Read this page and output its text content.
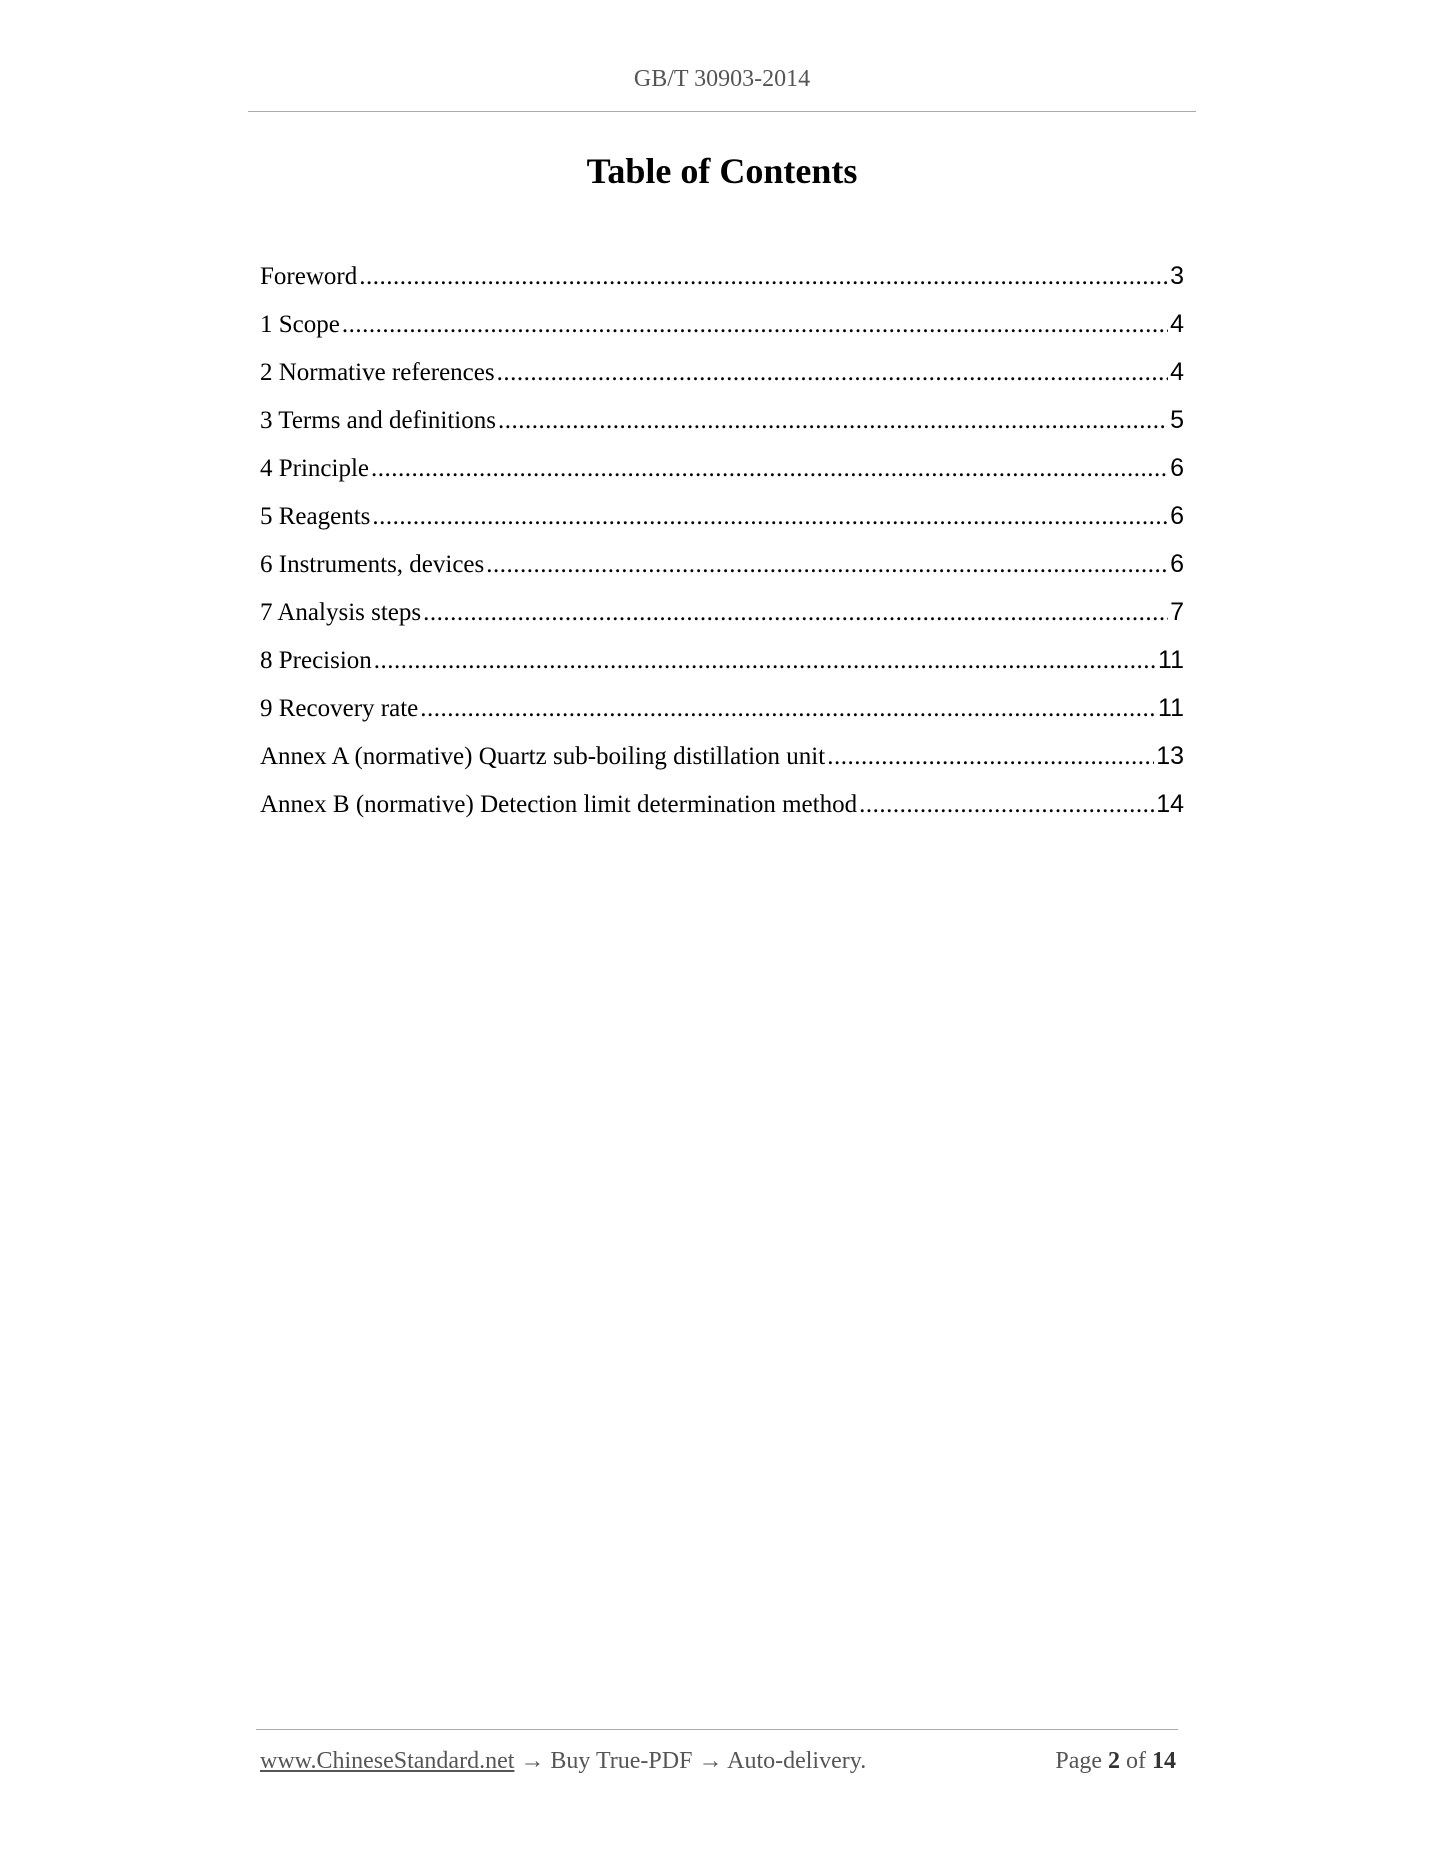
GB/T 30903-2014
Table of Contents
Foreword .....	3
1 Scope .....	4
2 Normative references .....	4
3 Terms and definitions .....	5
4 Principle .....	6
5 Reagents .....	6
6 Instruments, devices .....	6
7 Analysis steps .....	7
8 Precision .....	11
9 Recovery rate .....	11
Annex A (normative) Quartz sub-boiling distillation unit .....	13
Annex B (normative) Detection limit determination method .....	14
www.ChineseStandard.net → Buy True-PDF → Auto-delivery.	Page 2 of 14
